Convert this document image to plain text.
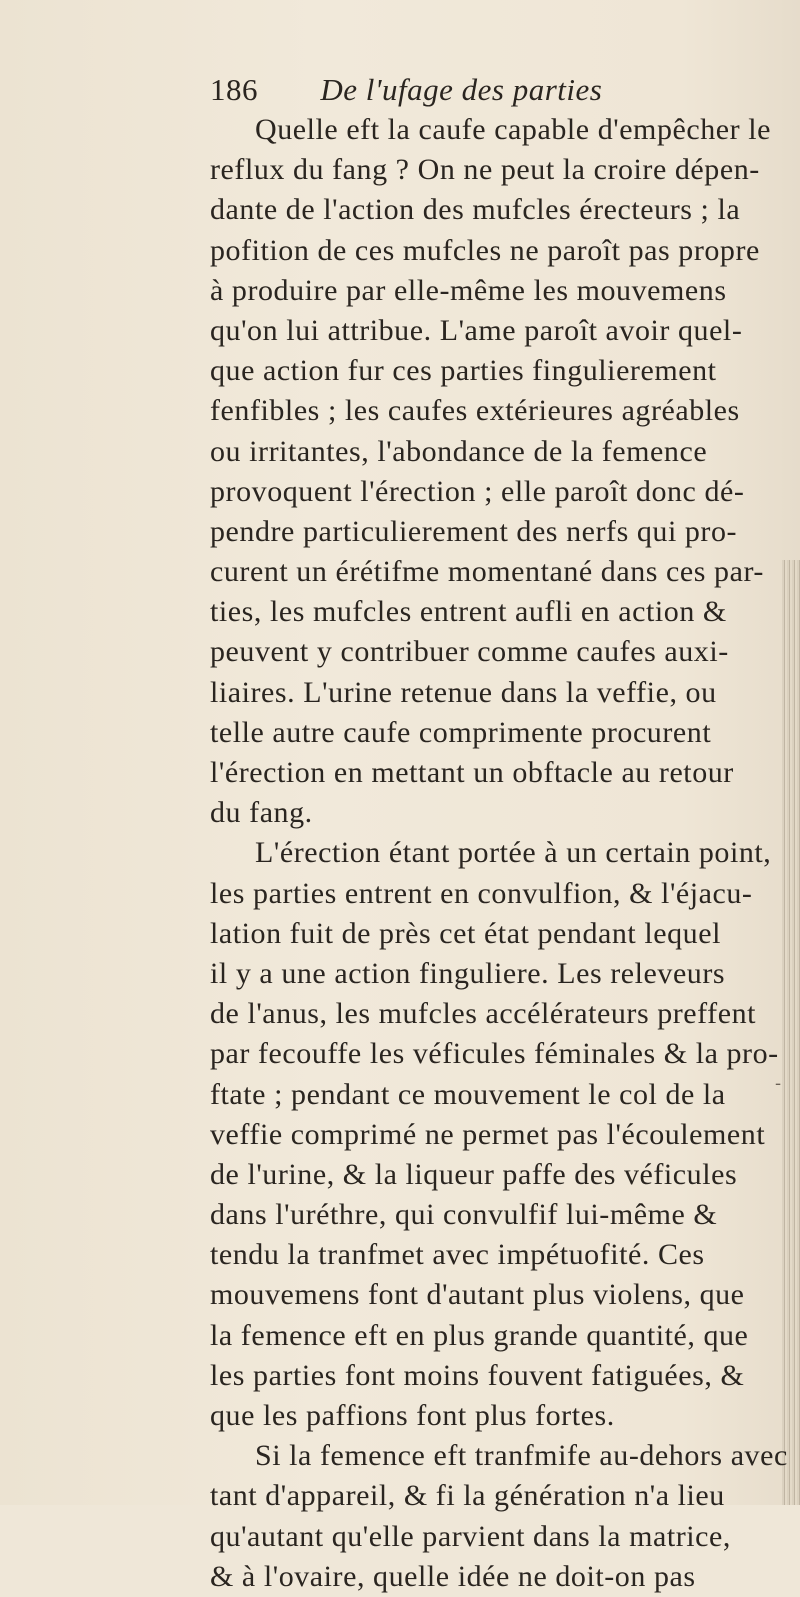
186 De l'ufage des parties
Quelle eft la caufe capable d'empêcher le
reflux du fang ? On ne peut la croire dépen-
dante de l'action des mufcles érecteurs ; la
pofition de ces mufcles ne paroît pas propre
à produire par elle-même les mouvemens
qu'on lui attribue. L'ame paroît avoir quel-
que action fur ces parties fingulierement
fenfibles ; les caufes extérieures agréables
ou irritantes, l'abondance de la femence
provoquent l'érection ; elle paroît donc dé-
pendre particulierement des nerfs qui pro-
curent un érétifme momentané dans ces par-
ties, les mufcles entrent aufli en action &
peuvent y contribuer comme caufes auxi-
liaires. L'urine retenue dans la veffie, ou
telle autre caufe comprimente procurent
l'érection en mettant un obftacle au retour
du fang.
L'érection étant portée à un certain point,
les parties entrent en convulfion, & l'éjacu-
lation fuit de près cet état pendant lequel
il y a une action finguliere. Les releveurs
de l'anus, les mufcles accélérateurs preffent
par fecouffe les véficules féminales & la pro-
ftate ; pendant ce mouvement le col de la
veffie comprimé ne permet pas l'écoulement
de l'urine, & la liqueur paffe des véficules
dans l'uréthre, qui convulfif lui-même &
tendu la tranfmet avec impétuofité. Ces
mouvemens font d'autant plus violens, que
la femence eft en plus grande quantité, que
les parties font moins fouvent fatiguées, &
que les paffions font plus fortes.
Si la femence eft tranfmife au-dehors avec
tant d'appareil, & fi la génération n'a lieu
qu'autant qu'elle parvient dans la matrice,
& à l'ovaire, quelle idée ne doit-on pas
-
